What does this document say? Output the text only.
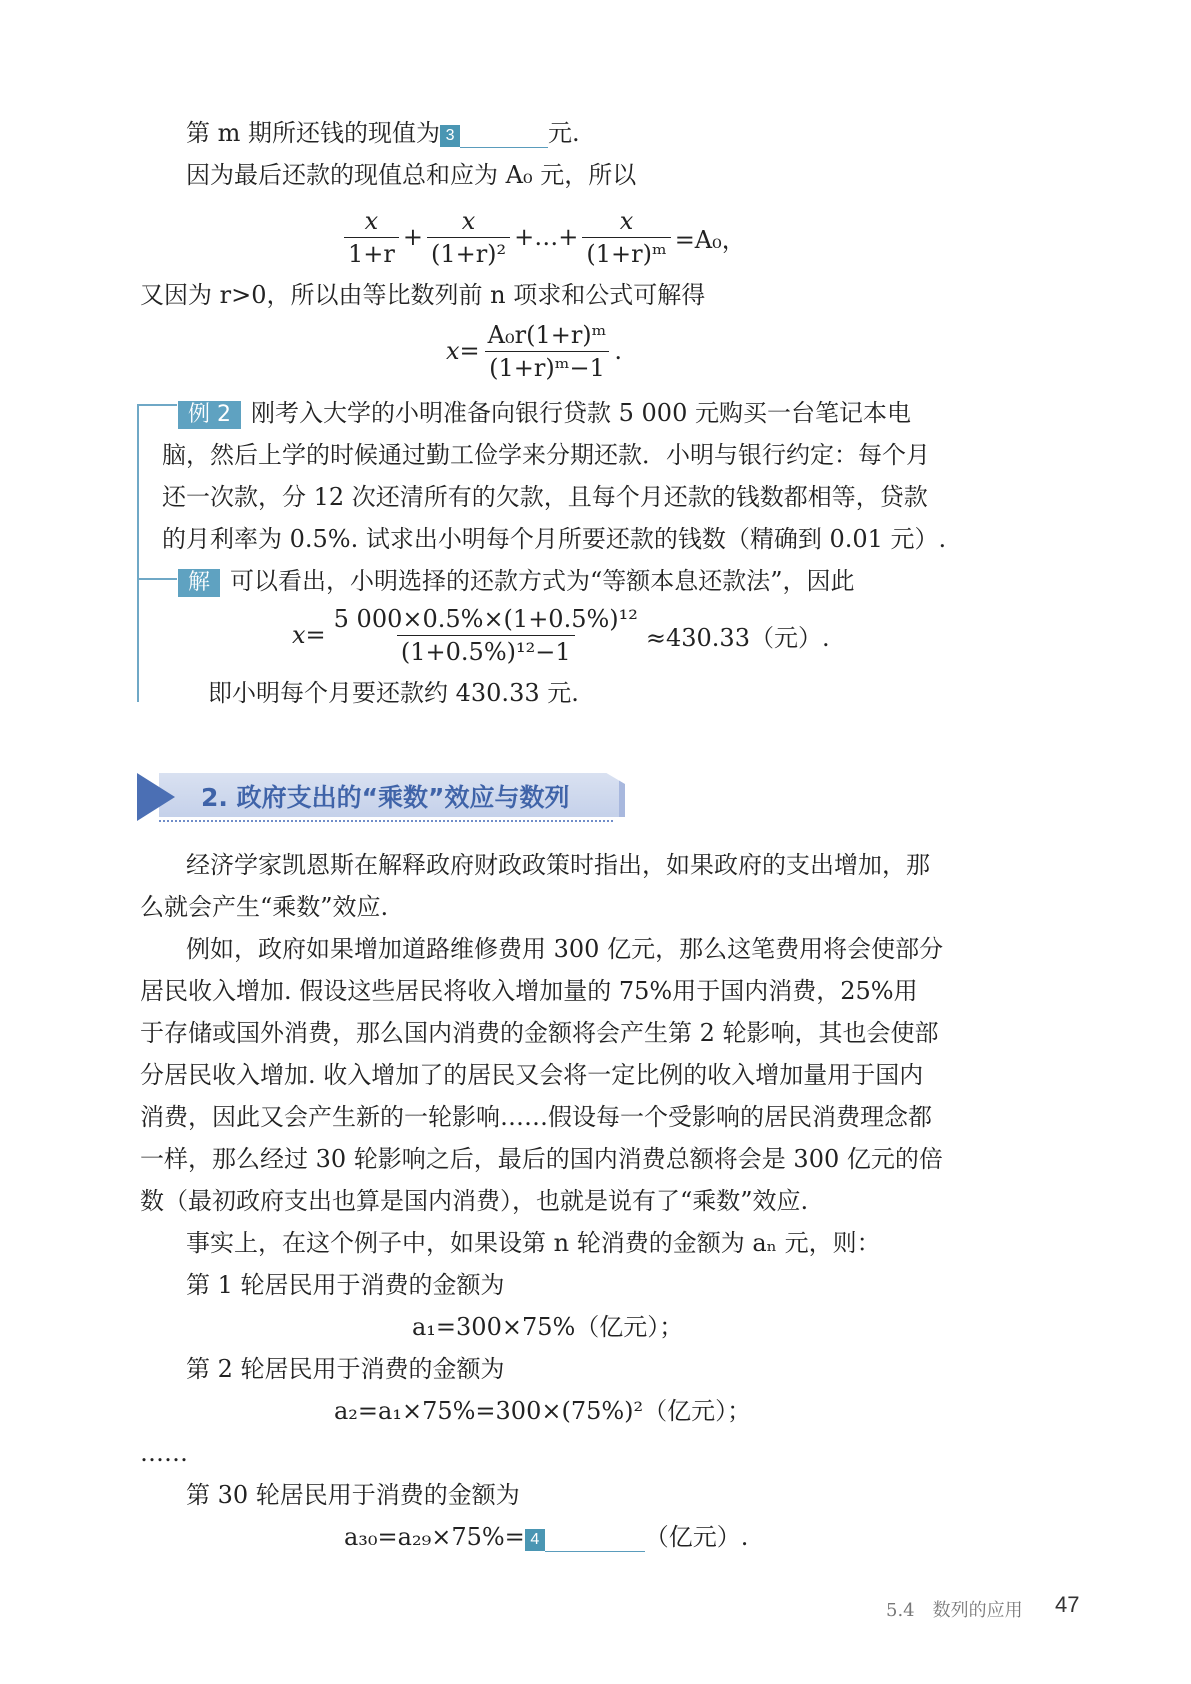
第 m 期所还钱的现值为 3	元.
因为最后还款的现值总和应为 A₀ 元，所以
$\frac{x}{1+r} + \frac{x}{\text{(1+r)²}}$ +…+ $\frac{x}{\text{(1+r)ᵐ}} =A_0$，
又因为 r>0，所以由等比数列前 n 项求和公式可解得
$x= \frac{\text{A₀r(1+r)ᵐ}}{\text{(1+r)ᵐ−1}}$ .
例 2 刚考入大学的小明准备向银行贷款 5 000 元购买一台笔记本电
脑，然后上学的时候通过勤工俭学来分期还款．小明与银行约定：每个月
还一次款，分 12 次还清所有的欠款，且每个月还款的钱数都相等，贷款
的月利率为 0.5%. 试求出小明每个月所要还款的钱数（精确到 0.01 元）.
解 可以看出，小明选择的还款方式为“等额本息还款法”，因此
$x= \frac{\text{5 000×0.5\%×(1+0.5\%)¹²}}{\text{(1+0.5\%)¹²−1}} \approx 430.33$（元）.
即小明每个月要还款约 430.33 元.
2. 政府支出的“乘数”效应与数列
经济学家凯恩斯在解释政府财政政策时指出，如果政府的支出增加，那
么就会产生“乘数”效应.
例如，政府如果增加道路维修费用 300 亿元，那么这笔费用将会使部分
居民收入增加. 假设这些居民将收入增加量的 75%用于国内消费，25%用
于存储或国外消费，那么国内消费的金额将会产生第 2 轮影响，其也会使部
分居民收入增加. 收入增加了的居民又会将一定比例的收入增加量用于国内
消费，因此又会产生新的一轮影响……假设每一个受影响的居民消费理念都
一样，那么经过 30 轮影响之后，最后的国内消费总额将会是 300 亿元的倍
数（最初政府支出也算是国内消费），也就是说有了“乘数”效应.
事实上，在这个例子中，如果设第 n 轮消费的金额为 aₙ 元，则：
第 1 轮居民用于消费的金额为
a₁=300×75%（亿元）；
第 2 轮居民用于消费的金额为
a₂=a₁×75%=300×(75%)²（亿元）；
……
第 30 轮居民用于消费的金额为
a₃₀=a₂₉×75%= 4	（亿元）.
5.4　数列的应用 47
